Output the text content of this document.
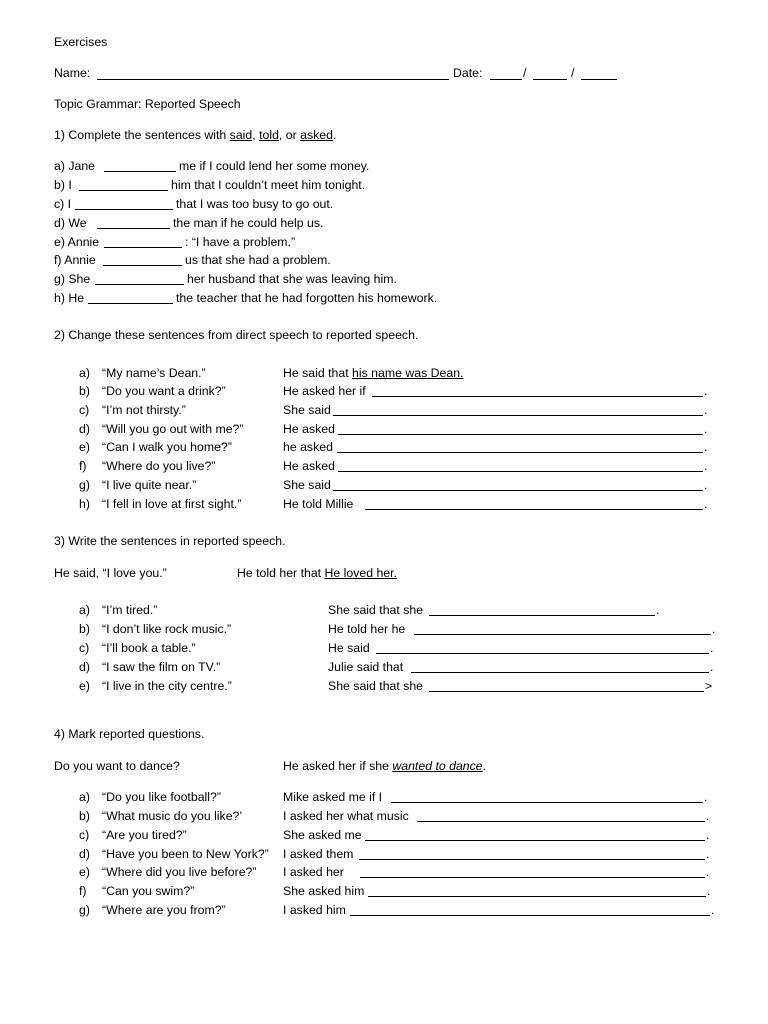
Exercises
Name:	Date:	/	/
Topic Grammar: Reported Speech
1) Complete the sentences with said, told, or asked.
a) Jane	me if I could lend her some money.
b) I	him that I couldn’t meet him tonight.
c) I	that I was too busy to go out.
d) We	the man if he could help us.
e) Annie	: “I have a problem.”
f) Annie	us that she had a problem.
g) She	her husband that she was leaving him.
h) He	the teacher that he had forgotten his homework.
2) Change these sentences from direct speech to reported speech.
a) “My name’s Dean.”	He said that his name was Dean.
b) “Do you want a drink?”	He asked her if	.
c) “I’m not thirsty.”	She said	.
d) “Will you go out with me?”	He asked	.
e) “Can I walk you home?”	he asked	.
f) “Where do you live?”	He asked	.
g) “I live quite near.”	She said	.
h) “I fell in love at first sight.”	He told Millie	.
3) Write the sentences in reported speech.
He said, “I love you.”	He told her that He loved her.
a) “I’m tired.”	She said that she	.
b) “I don’t like rock music.”	He told her he	.
c) “I’ll book a table.”	He said	.
d) “I saw the film on TV.”	Julie said that	.
e) “I live in the city centre.”	She said that she	>
4) Mark reported questions.
Do you want to dance?	He asked her if she wanted to dance.
a) “Do you like football?”	Mike asked me if I	.
b) “What music do you like?’	I asked her what music	.
c) “Are you tired?”	She asked me	.
d) “Have you been to New York?” I asked them	.
e) “Where did you live before?” I asked her	.
f) “Can you swim?”	She asked him	.
g) “Where are you from?”	I asked him	.
